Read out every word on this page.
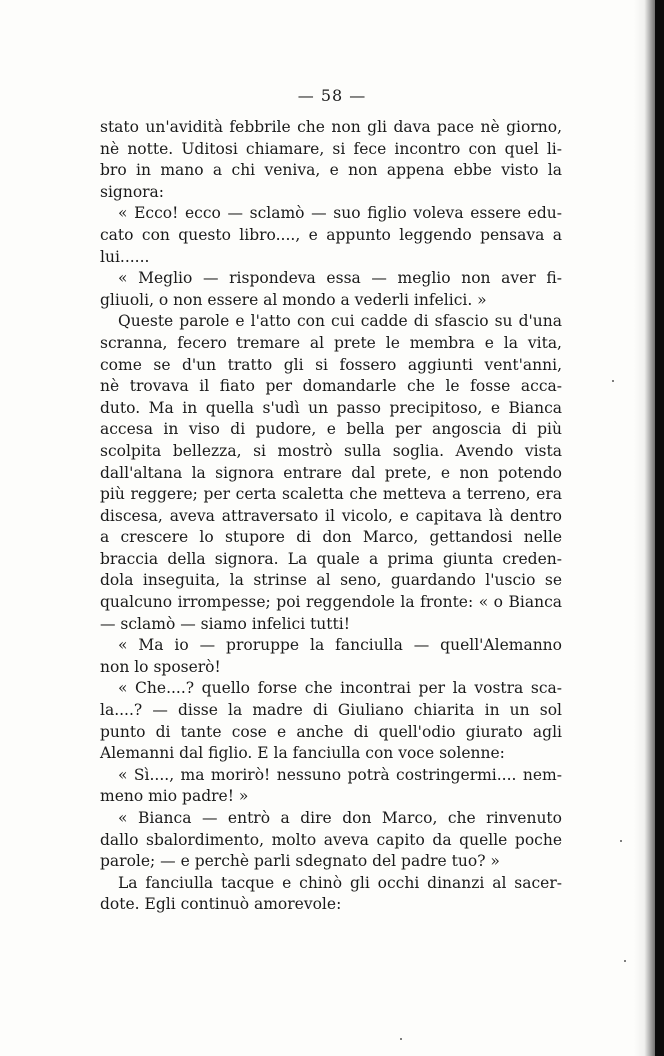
— 58 —
stato un'avidità febbrile che non gli dava pace nè giorno,
nè notte. Uditosi chiamare, si fece incontro con quel li-
bro in mano a chi veniva, e non appena ebbe visto la
signora:
« Ecco! ecco — sclamò — suo figlio voleva essere edu-
cato con questo libro...., e appunto leggendo pensava a
lui......
« Meglio — rispondeva essa — meglio non aver fi-
gliuoli, o non essere al mondo a vederli infelici. »
Queste parole e l'atto con cui cadde di sfascio su d'una
scranna, fecero tremare al prete le membra e la vita,
come se d'un tratto gli si fossero aggiunti vent'anni,
nè trovava il fiato per domandarle che le fosse acca-
duto. Ma in quella s'udì un passo precipitoso, e Bianca
accesa in viso di pudore, e bella per angoscia di più
scolpita bellezza, si mostrò sulla soglia. Avendo vista
dall'altana la signora entrare dal prete, e non potendo
più reggere; per certa scaletta che metteva a terreno, era
discesa, aveva attraversato il vicolo, e capitava là dentro
a crescere lo stupore di don Marco, gettandosi nelle
braccia della signora. La quale a prima giunta creden-
dola inseguita, la strinse al seno, guardando l'uscio se
qualcuno irrompesse; poi reggendole la fronte: « o Bianca
— sclamò — siamo infelici tutti!
« Ma io — proruppe la fanciulla — quell'Alemanno
non lo sposerò!
« Che....? quello forse che incontrai per la vostra sca-
la....? — disse la madre di Giuliano chiarita in un sol
punto di tante cose e anche di quell'odio giurato agli
Alemanni dal figlio. E la fanciulla con voce solenne:
« Sì...., ma morirò! nessuno potrà costringermi.... nem-
meno mio padre! »
« Bianca — entrò a dire don Marco, che rinvenuto
dallo sbalordimento, molto aveva capito da quelle poche
parole; — e perchè parli sdegnato del padre tuo? »
La fanciulla tacque e chinò gli occhi dinanzi al sacer-
dote. Egli continuò amorevole:
